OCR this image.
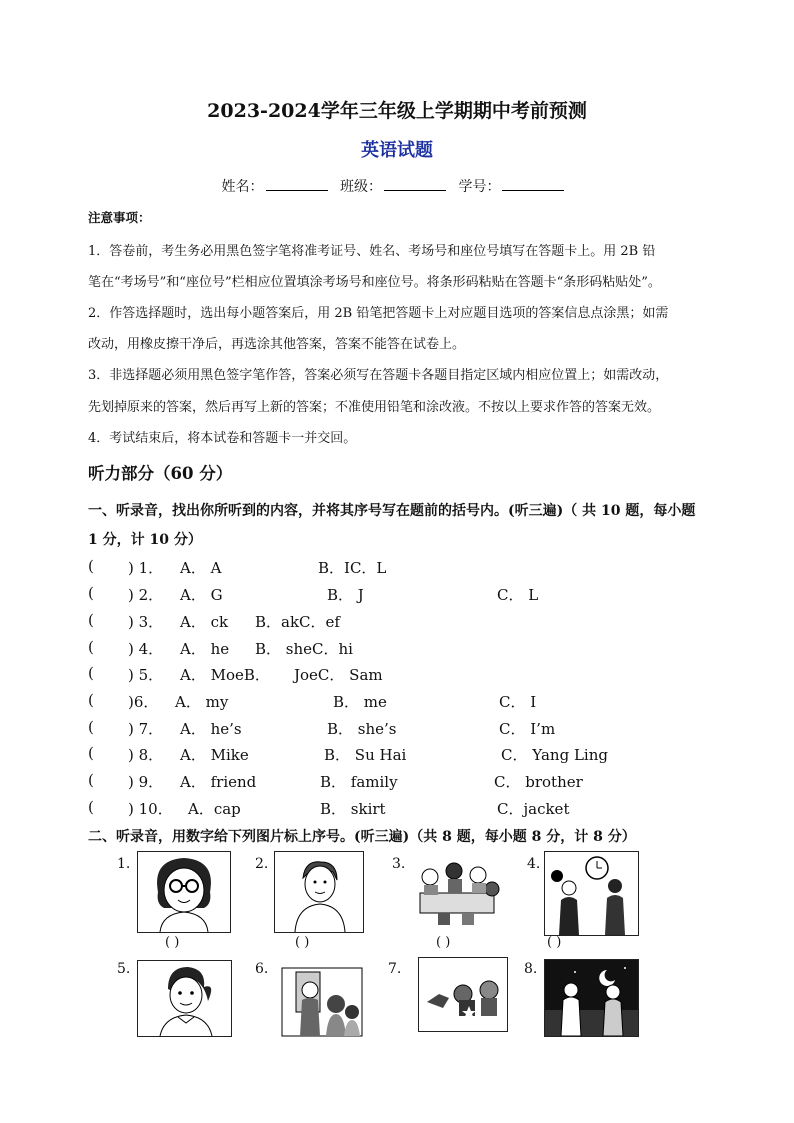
2023-2024学年三年级上学期期中考前预测
英语试题
姓名：	班级：	学号：
注意事项：
1．答卷前，考生务必用黑色签字笔将准考证号、姓名、考场号和座位号填写在答题卡上。用 2B 铅
笔在“考场号”和“座位号”栏相应位置填涂考场号和座位号。将条形码粘贴在答题卡“条形码粘贴处”。
2．作答选择题时，选出每小题答案后，用 2B 铅笔把答题卡上对应题目选项的答案信息点涂黑；如需
改动，用橡皮擦干净后，再选涂其他答案，答案不能答在试卷上。
3．非选择题必须用黑色签字笔作答，答案必须写在答题卡各题目指定区域内相应位置上；如需改动，
先划掉原来的答案，然后再写上新的答案；不准使用铅笔和涂改液。不按以上要求作答的答案无效。
4．考试结束后，将本试卷和答题卡一并交回。
听力部分（60 分）
一、听录音，找出你所听到的内容，并将其序号写在题前的括号内。(听三遍)（ 共 10 题，每小题
1 分，计 10 分）
( ) 1． A． A	B．IC．L
( ) 2． A． G	B． J	C． L
( ) 3． A． ck B．akC．ef
( ) 4． A． he B． sheC．hi
( ) 5． A． MoeB． JoeC． Sam
( )6． A． my	B． me	C． I
( ) 7． A． he’s	B． she’s	C． I’m
( ) 8． A． Mike	B． Su Hai	C． Yang Ling
( ) 9． A． friend	B． family	C． brother
( ) 10． A．cap	B． skirt	C．jacket
二、听录音，用数字给下列图片标上序号。(听三遍)（共 8 题，每小题 8 分，计 8 分）
1.
( )
2.
( )
3.
( )
4.
( )
5.	6.	7.	8.
